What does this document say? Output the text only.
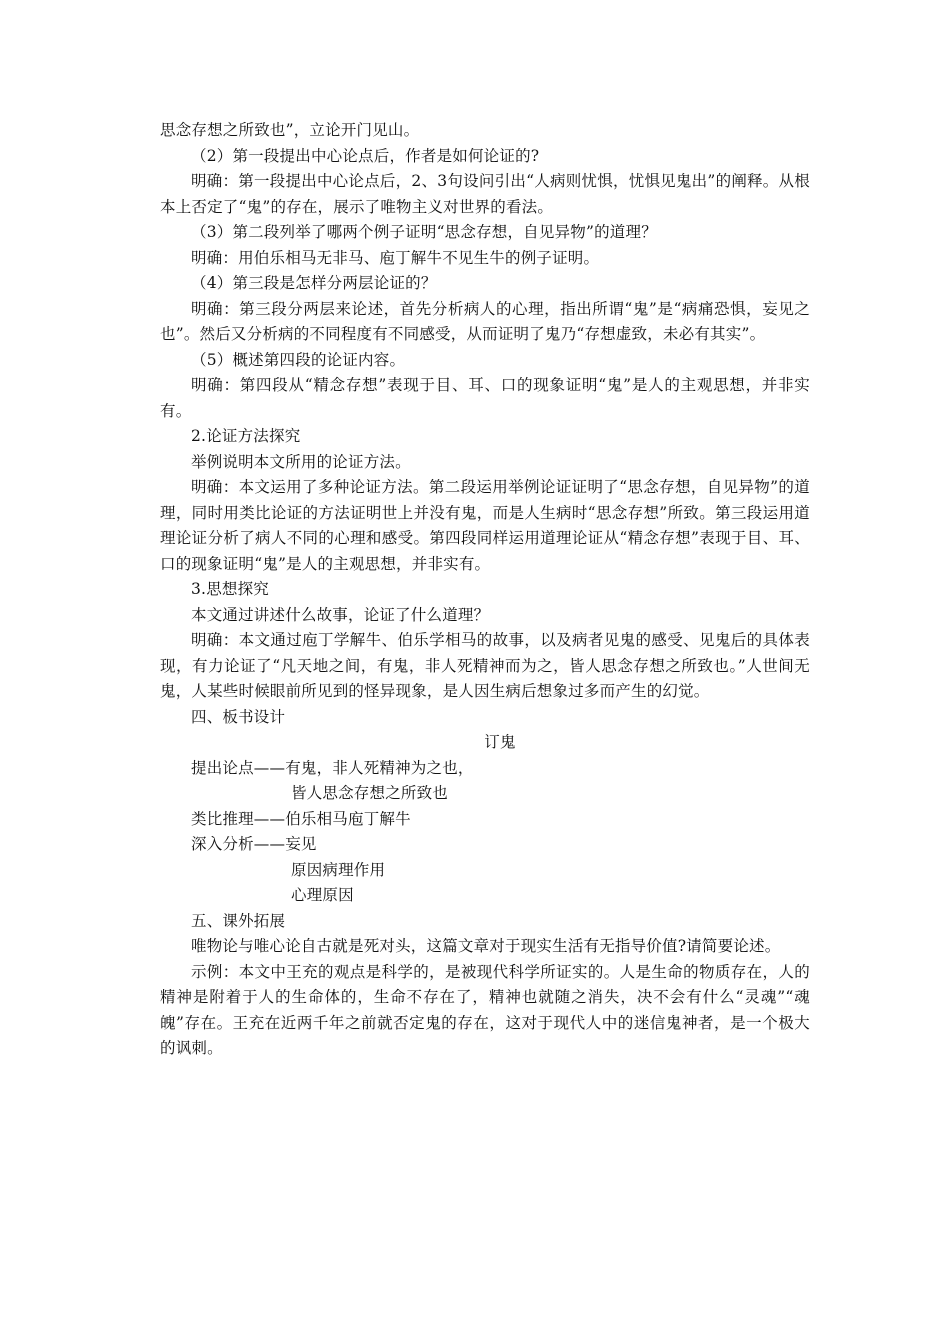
思念存想之所致也”，立论开门见山。

（2）第一段提出中心论点后，作者是如何论证的?

明确：第一段提出中心论点后，2、3句设问引出“人病则忧惧，忧惧见鬼出”的阐释。从根本上否定了“鬼”的存在，展示了唯物主义对世界的看法。

（3）第二段列举了哪两个例子证明“思念存想，自见异物”的道理？

明确：用伯乐相马无非马、庖丁解牛不见生牛的例子证明。

（4）第三段是怎样分两层论证的？

明确：第三段分两层来论述，首先分析病人的心理，指出所谓“鬼”是“病痛恐惧，妄见之也”。然后又分析病的不同程度有不同感受，从而证明了鬼乃“存想虚致，未必有其实”。

（5）概述第四段的论证内容。

明确：第四段从“精念存想”表现于目、耳、口的现象证明“鬼”是人的主观思想，并非实有。

2.论证方法探究

举例说明本文所用的论证方法。

明确：本文运用了多种论证方法。第二段运用举例论证证明了“思念存想，自见异物”的道理，同时用类比论证的方法证明世上并没有鬼，而是人生病时“思念存想”所致。第三段运用道理论证分析了病人不同的心理和感受。第四段同样运用道理论证从“精念存想”表现于目、耳、口的现象证明“鬼”是人的主观思想，并非实有。

3.思想探究

本文通过讲述什么故事，论证了什么道理？

明确：本文通过庖丁学解牛、伯乐学相马的故事，以及病者见鬼的感受、见鬼后的具体表现，有力论证了“凡天地之间，有鬼，非人死精神而为之，皆人思念存想之所致也。”人世间无鬼，人某些时候眼前所见到的怪异现象，是人因生病后想象过多而产生的幻觉。

四、板书设计

订鬼

提出论点——有鬼，非人死精神为之也，

皆人思念存想之所致也

类比推理——伯乐相马庖丁解牛

深入分析——妄见

原因病理作用

心理原因

五、课外拓展

唯物论与唯心论自古就是死对头，这篇文章对于现实生活有无指导价值?请简要论述。

示例：本文中王充的观点是科学的，是被现代科学所证实的。人是生命的物质存在，人的精神是附着于人的生命体的，生命不存在了，精神也就随之消失，决不会有什么“灵魂”“魂魄”存在。王充在近两千年之前就否定鬼的存在，这对于现代人中的迷信鬼神者，是一个极大的讽刺。
